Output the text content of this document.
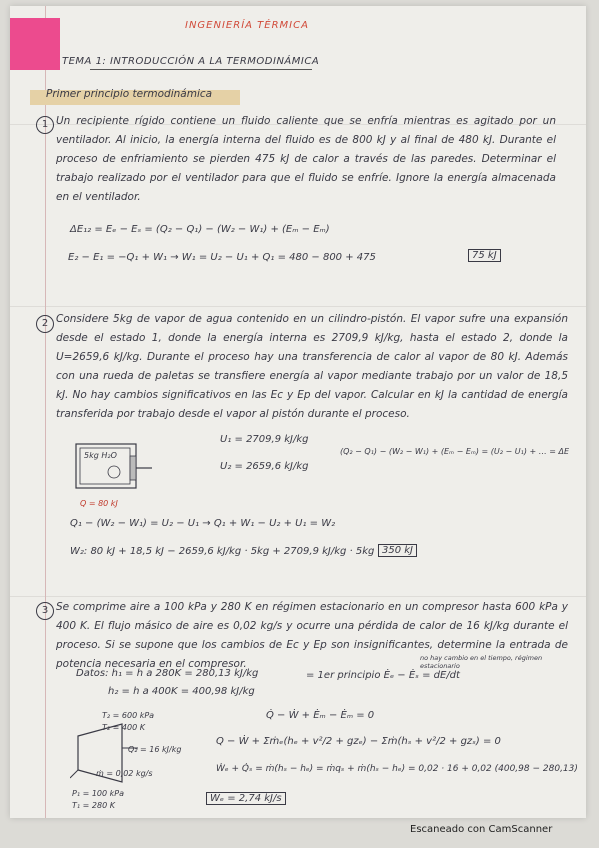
INGENIERÍA TÉRMICA
TEMA 1: INTRODUCCIÓN A LA TERMODINÁMICA
Primer principio termodinámica
1 Un recipiente rígido contiene un fluido caliente que se enfría mientras es agitado por un ventilador. Al inicio, la energía interna del fluido es de 800 kJ y al final de 480 kJ. Durante el proceso de enfriamiento se pierden 475 kJ de calor a través de las paredes. Determinar el trabajo realizado por el ventilador para que el fluido se enfríe. Ignore la energía almacenada en el ventilador.
ΔE₁₂ = Eₑ − Eₛ = (Q₂ − Q₁) − (W₂ − W₁) + (Eₘ − Eₘ)
E₂ − E₁ = −Q₁ + W₁ → W₁ = U₂ − U₁ + Q₁ = 480 − 800 + 475	75 kJ
2 Considere 5kg de vapor de agua contenido en un cilindro-pistón. El vapor sufre una expansión desde el estado 1, donde la energía interna es 2709,9 kJ/kg, hasta el estado 2, donde la U=2659,6 kJ/kg. Durante el proceso hay una transferencia de calor al vapor de 80 kJ. Además con una rueda de paletas se transfiere energía al vapor mediante trabajo por un valor de 18,5 kJ. No hay cambios significativos en las Ec y Ep del vapor. Calcular en kJ la cantidad de energía transferida por trabajo desde el vapor al pistón durante el proceso.
5kg H₂O
Q = 80 kJ
U₁ = 2709,9 kJ/kg
U₂ = 2659,6 kJ/kg
(Q₂ − Q₁) − (W₂ − W₁) + (Eₘ − Eₘ) = (U₂ − U₁) + … = ΔE
Q₁ − (W₂ − W₁) = U₂ − U₁ → Q₁ + W₁ − U₂ + U₁ = W₂
W₂: 80 kJ + 18,5 kJ − 2659,6 kJ/kg · 5kg + 2709,9 kJ/kg · 5kg 350 kJ
3 Se comprime aire a 100 kPa y 280 K en régimen estacionario en un compresor hasta 600 kPa y 400 K. El flujo másico de aire es 0,02 kg/s y ocurre una pérdida de calor de 16 kJ/kg durante el proceso. Si se supone que los cambios de Ec y Ep son insignificantes, determine la entrada de potencia necesaria en el compresor.
Datos: h₁ = h a 280K = 280,13 kJ/kg
h₂ = h a 400K = 400,98 kJ/kg
= 1er principio Ėₑ − Ėₛ = dE/dt
no hay cambio en el tiempo, régimen estacionario
T₂ = 600 kPa
T₂ = 400 K
Q₂ = 16 kJ/kg
ṁ = 0,02 kg/s
P₁ = 100 kPa
T₁ = 280 K
Q̇ − Ẇ + Ėₘ − Ėₘ = 0
Q − Ẇ + Σṁₑ(hₑ + v²/2 + gzₑ) − Σṁ(hₛ + v²/2 + gzₛ) = 0
Ẇₑ + Q̇ₛ = ṁ(hₛ − hₑ) = ṁqₛ + ṁ(hₛ − hₑ) = 0,02 · 16 + 0,02 (400,98 − 280,13)
Ẇₑ = 2,74 kJ/s
Escaneado con CamScanner
